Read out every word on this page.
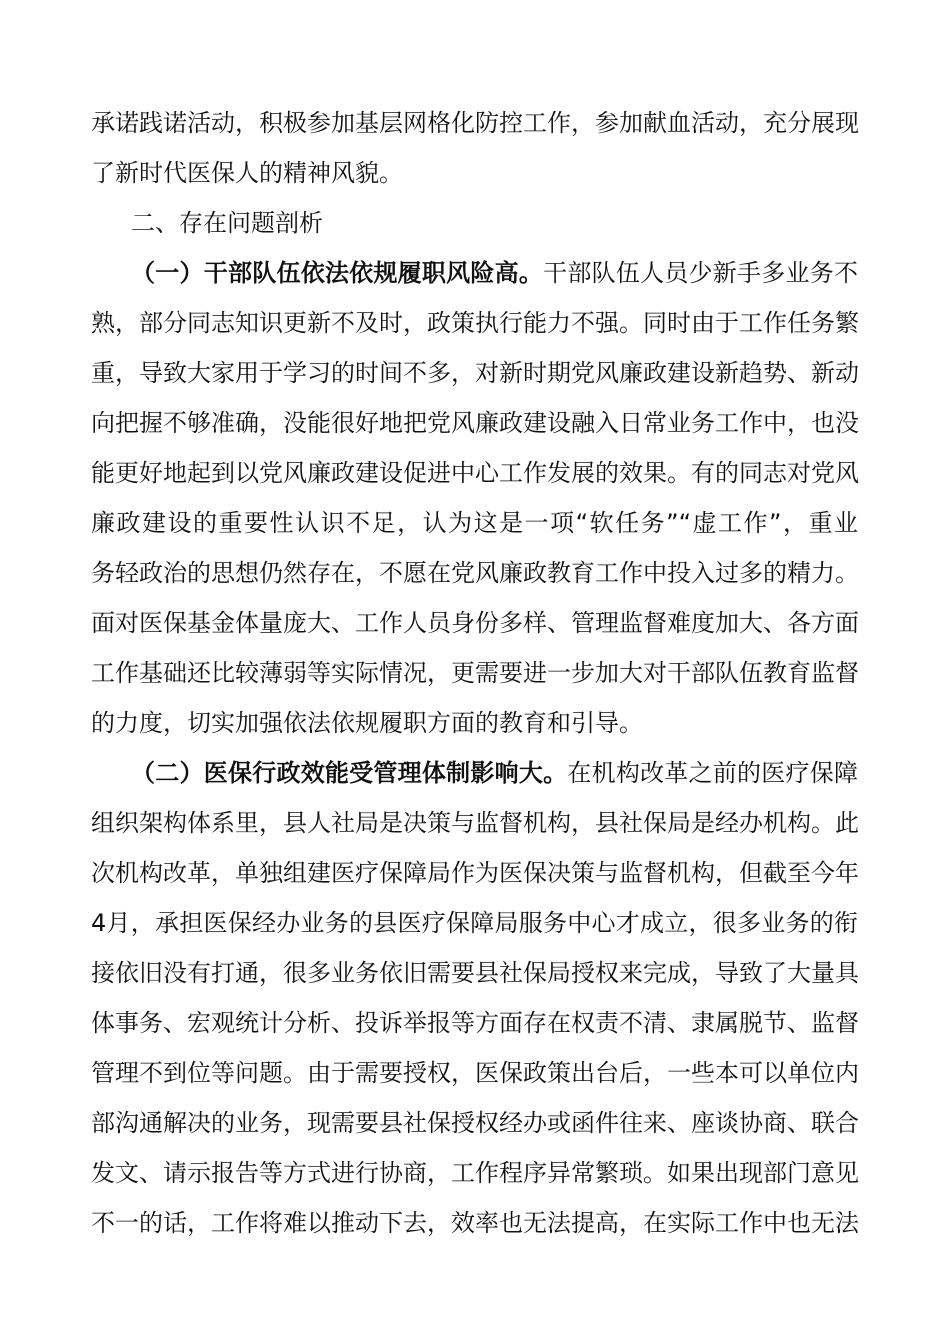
承诺践诺活动，积极参加基层网格化防控工作，参加献血活动，充分展现
了新时代医保人的精神风貌。
二、存在问题剖析
（一）干部队伍依法依规履职风险高。干部队伍人员少新手多业务不
熟，部分同志知识更新不及时，政策执行能力不强。同时由于工作任务繁
重，导致大家用于学习的时间不多，对新时期党风廉政建设新趋势、新动
向把握不够准确，没能很好地把党风廉政建设融入日常业务工作中，也没
能更好地起到以党风廉政建设促进中心工作发展的效果。有的同志对党风
廉政建设的重要性认识不足，认为这是一项“软任务”“虚工作”，重业
务轻政治的思想仍然存在，不愿在党风廉政教育工作中投入过多的精力。
面对医保基金体量庞大、工作人员身份多样、管理监督难度加大、各方面
工作基础还比较薄弱等实际情况，更需要进一步加大对干部队伍教育监督
的力度，切实加强依法依规履职方面的教育和引导。
（二）医保行政效能受管理体制影响大。在机构改革之前的医疗保障
组织架构体系里，县人社局是决策与监督机构，县社保局是经办机构。此
次机构改革，单独组建医疗保障局作为医保决策与监督机构，但截至今年
4月，承担医保经办业务的县医疗保障局服务中心才成立，很多业务的衔
接依旧没有打通，很多业务依旧需要县社保局授权来完成，导致了大量具
体事务、宏观统计分析、投诉举报等方面存在权责不清、隶属脱节、监督
管理不到位等问题。由于需要授权，医保政策出台后，一些本可以单位内
部沟通解决的业务，现需要县社保授权经办或函件往来、座谈协商、联合
发文、请示报告等方式进行协商，工作程序异常繁琐。如果出现部门意见
不一的话，工作将难以推动下去，效率也无法提高，在实际工作中也无法
